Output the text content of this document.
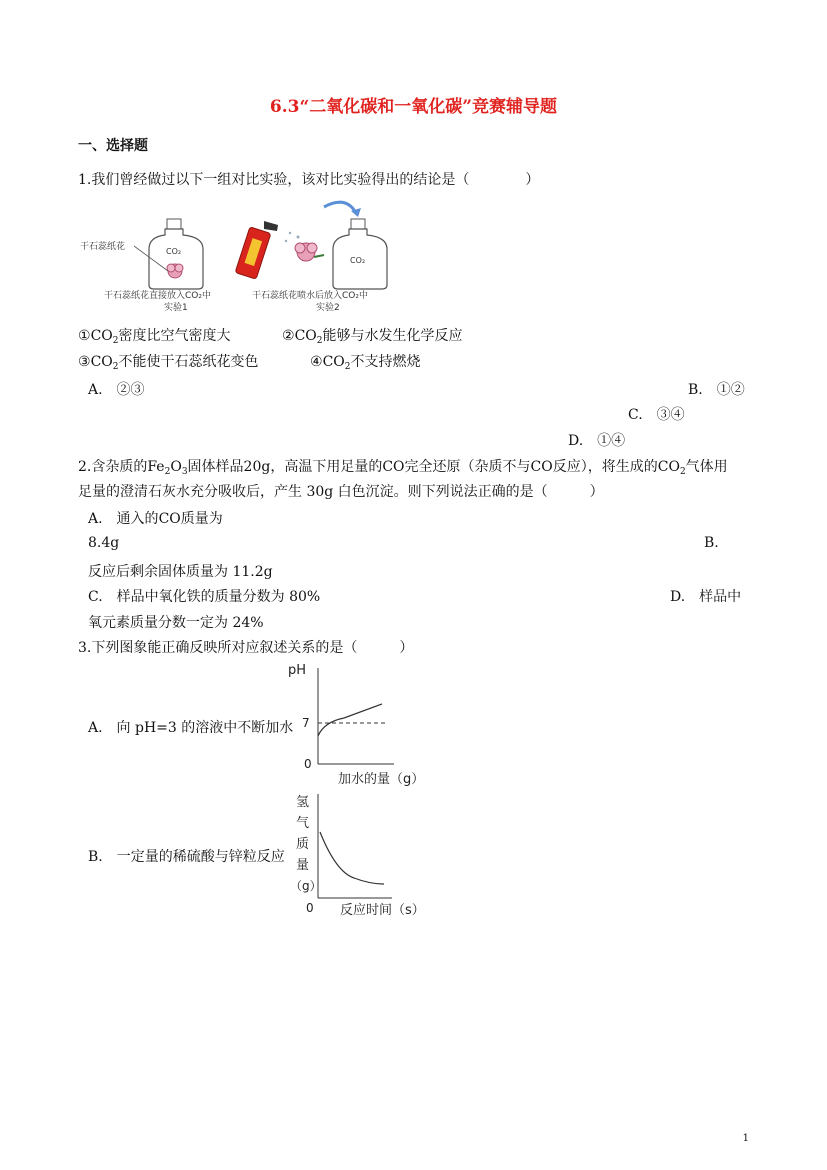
6.3“二氧化碳和一氧化碳”竞赛辅导题
一、选择题
1.我们曾经做过以下一组对比实验，该对比实验得出的结论是（　　　　）
CO₂
干石蕊纸花
干石蕊纸花直接放入CO₂中
实验1
CO₂
干石蕊纸花喷水后放入CO₂中
实验2
$①CO_2$密度比空气密度大	$②CO_2$能够与水发生化学反应
$③CO_2$不能使干石蕊纸花变色	$④CO_2$不支持燃烧
A.　②③	B.　①②
C.　③④
D.　①④
2.含杂质的$Fe_2O_3$固体样品20g，高温下用足量的CO完全还原（杂质不与CO反应），将生成的$CO_2$气体用
足量的澄清石灰水充分吸收后，产生 30g 白色沉淀。则下列说法正确的是（　　　）
A.　通入的CO质量为
8.4g	B.
反应后剩余固体质量为 11.2g
C.　样品中氧化铁的质量分数为 80%	D.　样品中
氧元素质量分数一定为 24%
3.下列图象能正确反映所对应叙述关系的是（　　　）
A.　向 pH=3 的溶液中不断加水
pH
7
0
加水的量（g）
B.　一定量的稀硫酸与锌粒反应
氢
气
质
量
（g）
0 反应时间（s）
1
